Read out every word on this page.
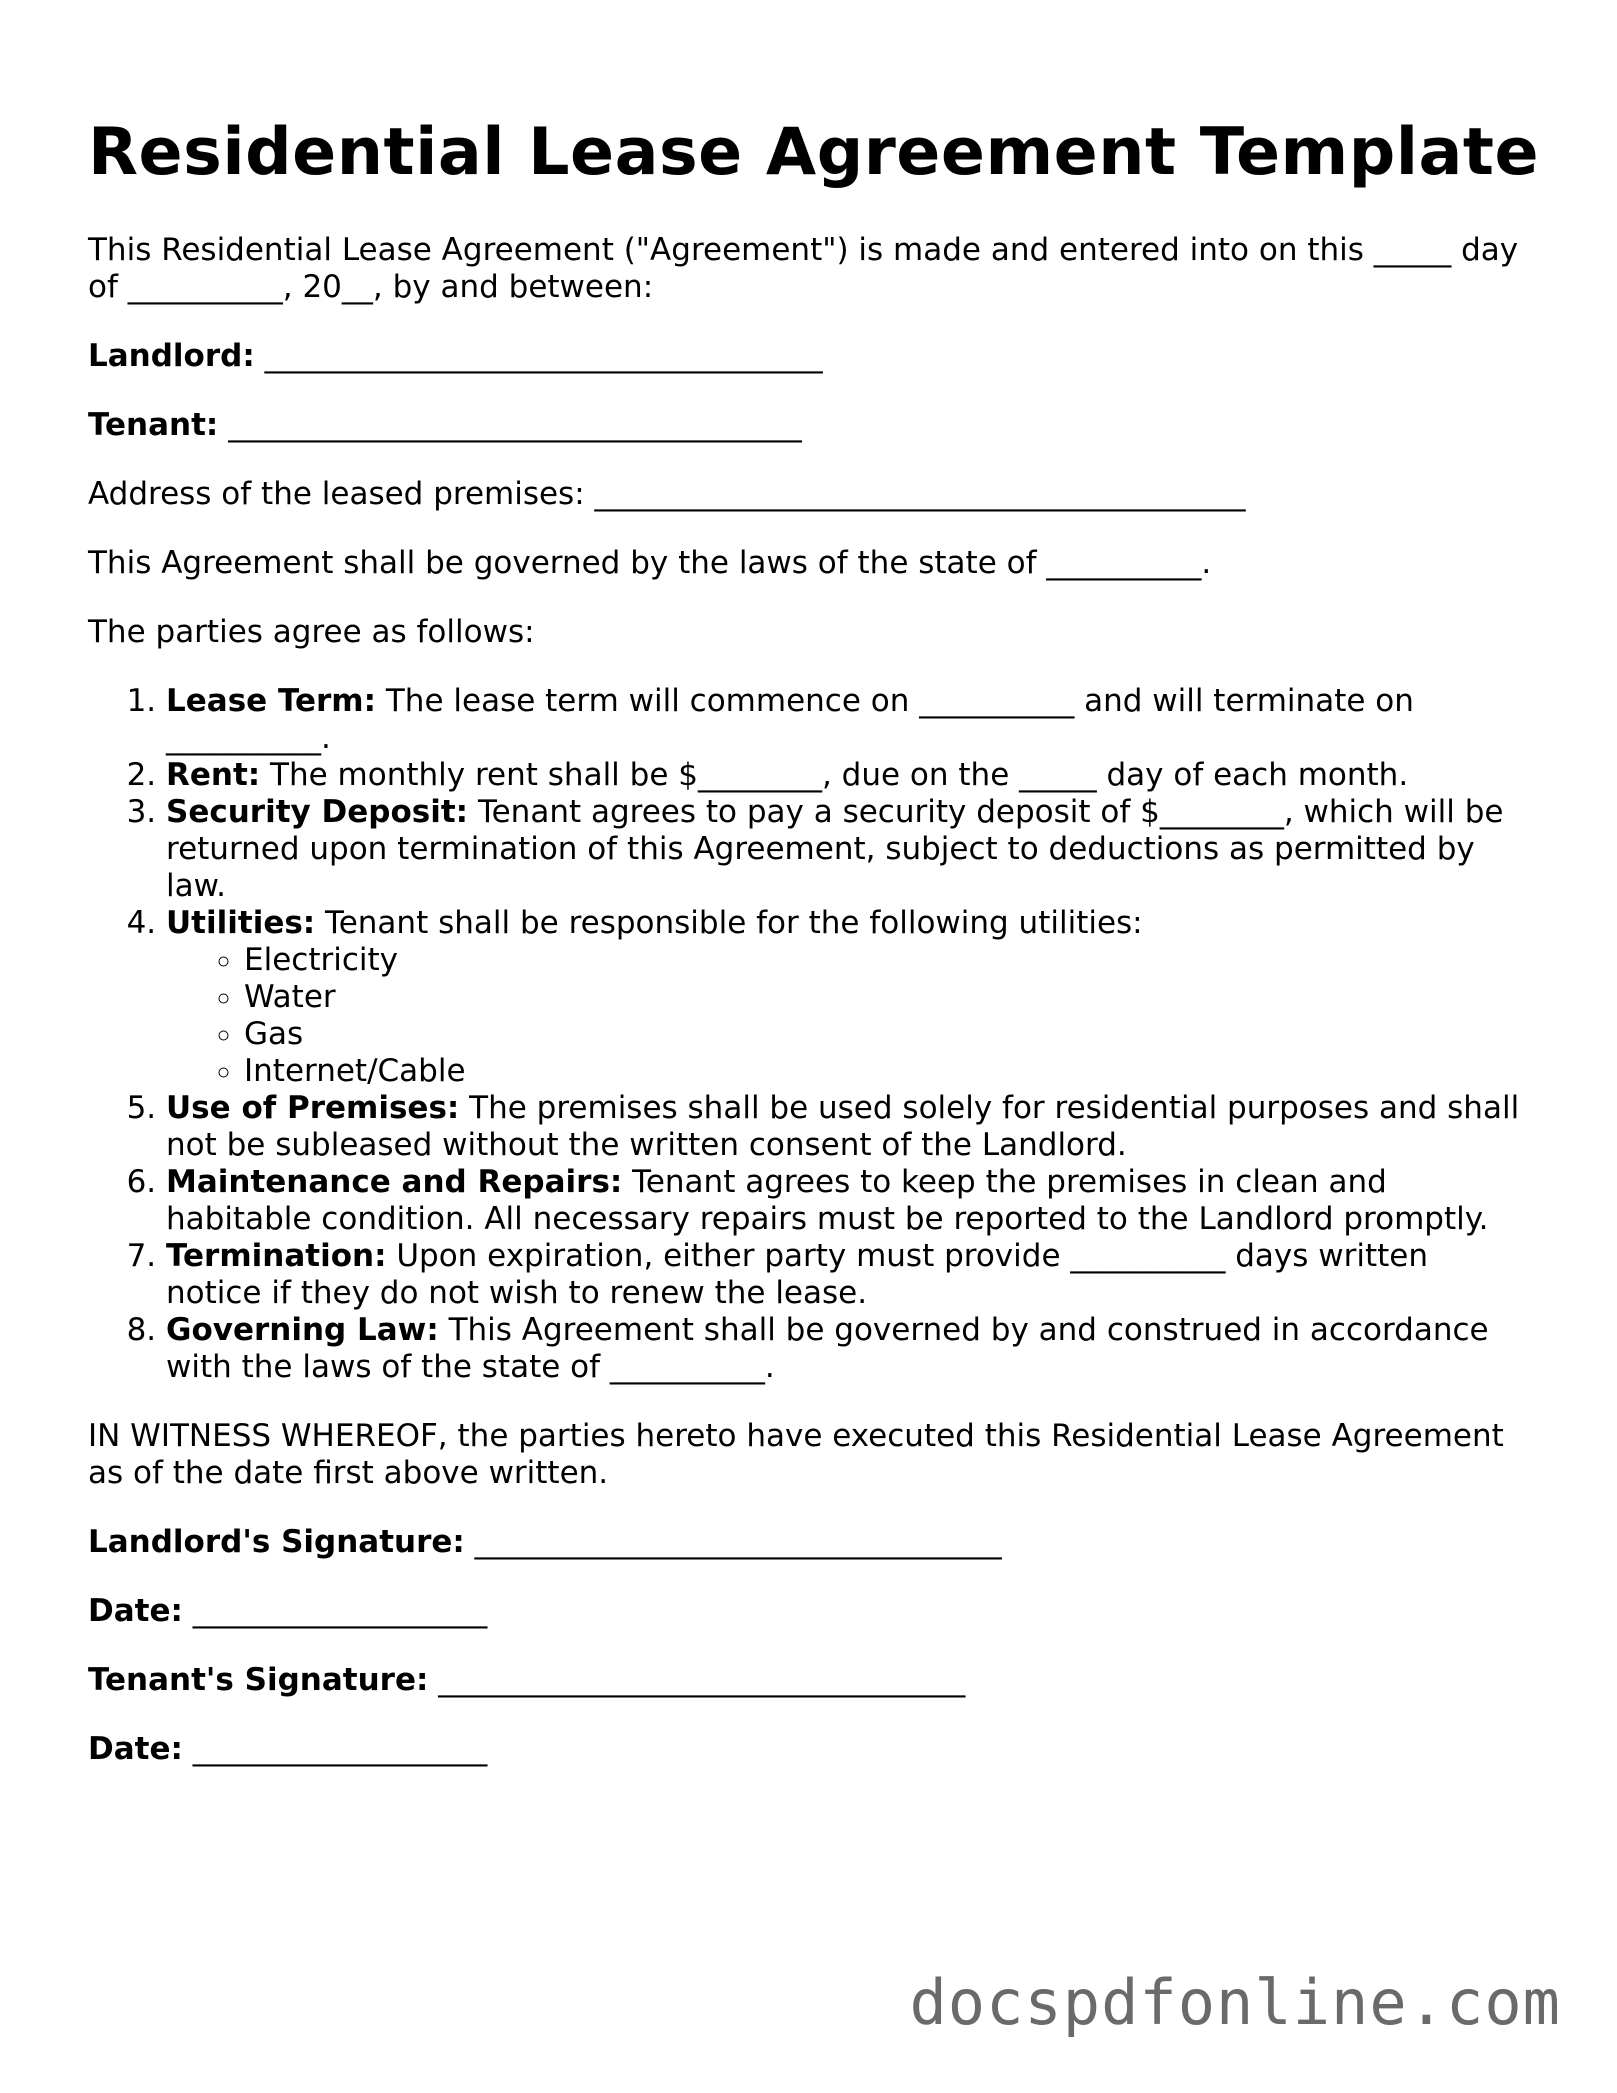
Residential Lease Agreement Template

This Residential Lease Agreement ("Agreement") is made and entered into on this _____ day of __________, 20__, by and between:

Landlord: ____________________________________

Tenant: _____________________________________

Address of the leased premises: __________________________________________

This Agreement shall be governed by the laws of the state of __________.

The parties agree as follows:

1. Lease Term: The lease term will commence on __________ and will terminate on __________.
2. Rent: The monthly rent shall be $________, due on the _____ day of each month.
3. Security Deposit: Tenant agrees to pay a security deposit of $________, which will be returned upon termination of this Agreement, subject to deductions as permitted by law.
4. Utilities: Tenant shall be responsible for the following utilities:
◦ Electricity
◦ Water
◦ Gas
◦ Internet/Cable
5. Use of Premises: The premises shall be used solely for residential purposes and shall not be subleased without the written consent of the Landlord.
6. Maintenance and Repairs: Tenant agrees to keep the premises in clean and habitable condition. All necessary repairs must be reported to the Landlord promptly.
7. Termination: Upon expiration, either party must provide __________ days written notice if they do not wish to renew the lease.
8. Governing Law: This Agreement shall be governed by and construed in accordance with the laws of the state of __________.

IN WITNESS WHEREOF, the parties hereto have executed this Residential Lease Agreement as of the date first above written.

Landlord's Signature: __________________________________

Date: ___________________

Tenant's Signature: __________________________________

Date: ___________________

docspdfonline.com
